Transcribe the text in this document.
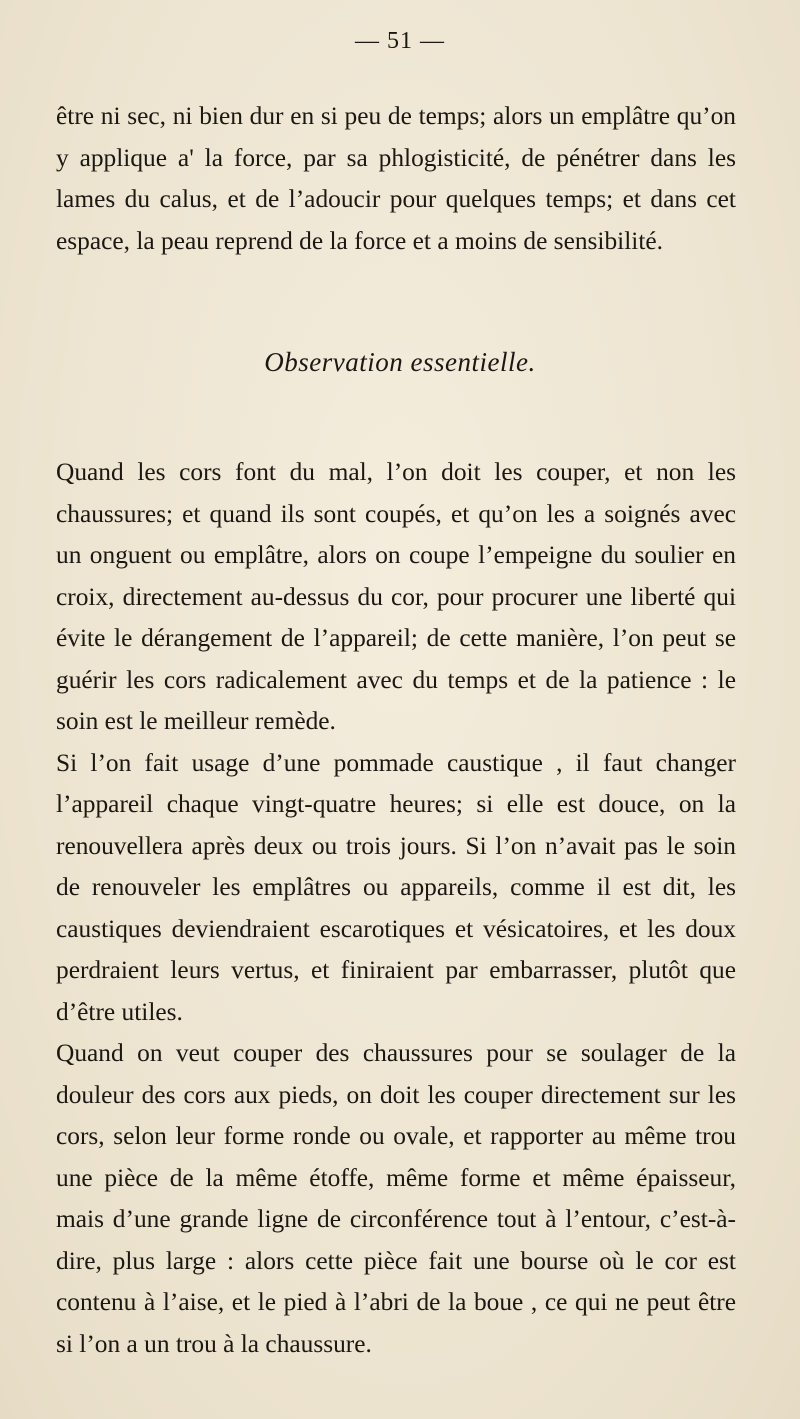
— 51 —

être ni sec, ni bien dur en si peu de temps; alors un emplâtre qu’on y applique a' la force, par sa phlogisticité, de pénétrer dans les lames du calus, et de l’adoucir pour quelques temps; et dans cet espace, la peau reprend de la force et a moins de sensibilité.

Observation essentielle.

Quand les cors font du mal, l’on doit les couper, et non les chaussures; et quand ils sont coupés, et qu’on les a soignés avec un onguent ou emplâtre, alors on coupe l’empeigne du soulier en croix, directement au-dessus du cor, pour procurer une liberté qui évite le dérangement de l’appareil; de cette manière, l’on peut se guérir les cors radicalement avec du temps et de la patience : le soin est le meilleur remède.

Si l’on fait usage d’une pommade caustique , il faut changer l’appareil chaque vingt-quatre heures; si elle est douce, on la renouvellera après deux ou trois jours. Si l’on n’avait pas le soin de renouveler les emplâtres ou appareils, comme il est dit, les caustiques deviendraient escarotiques et vésicatoires, et les doux perdraient leurs vertus, et finiraient par embarrasser, plutôt que d’être utiles.

Quand on veut couper des chaussures pour se soulager de la douleur des cors aux pieds, on doit les couper directement sur les cors, selon leur forme ronde ou ovale, et rapporter au même trou une pièce de la même étoffe, même forme et même épaisseur, mais d’une grande ligne de circonférence tout à l’entour, c’est-à-dire, plus large : alors cette pièce fait une bourse où le cor est contenu à l’aise, et le pied à l’abri de la boue , ce qui ne peut être si l’on a un trou à la chaussure.
